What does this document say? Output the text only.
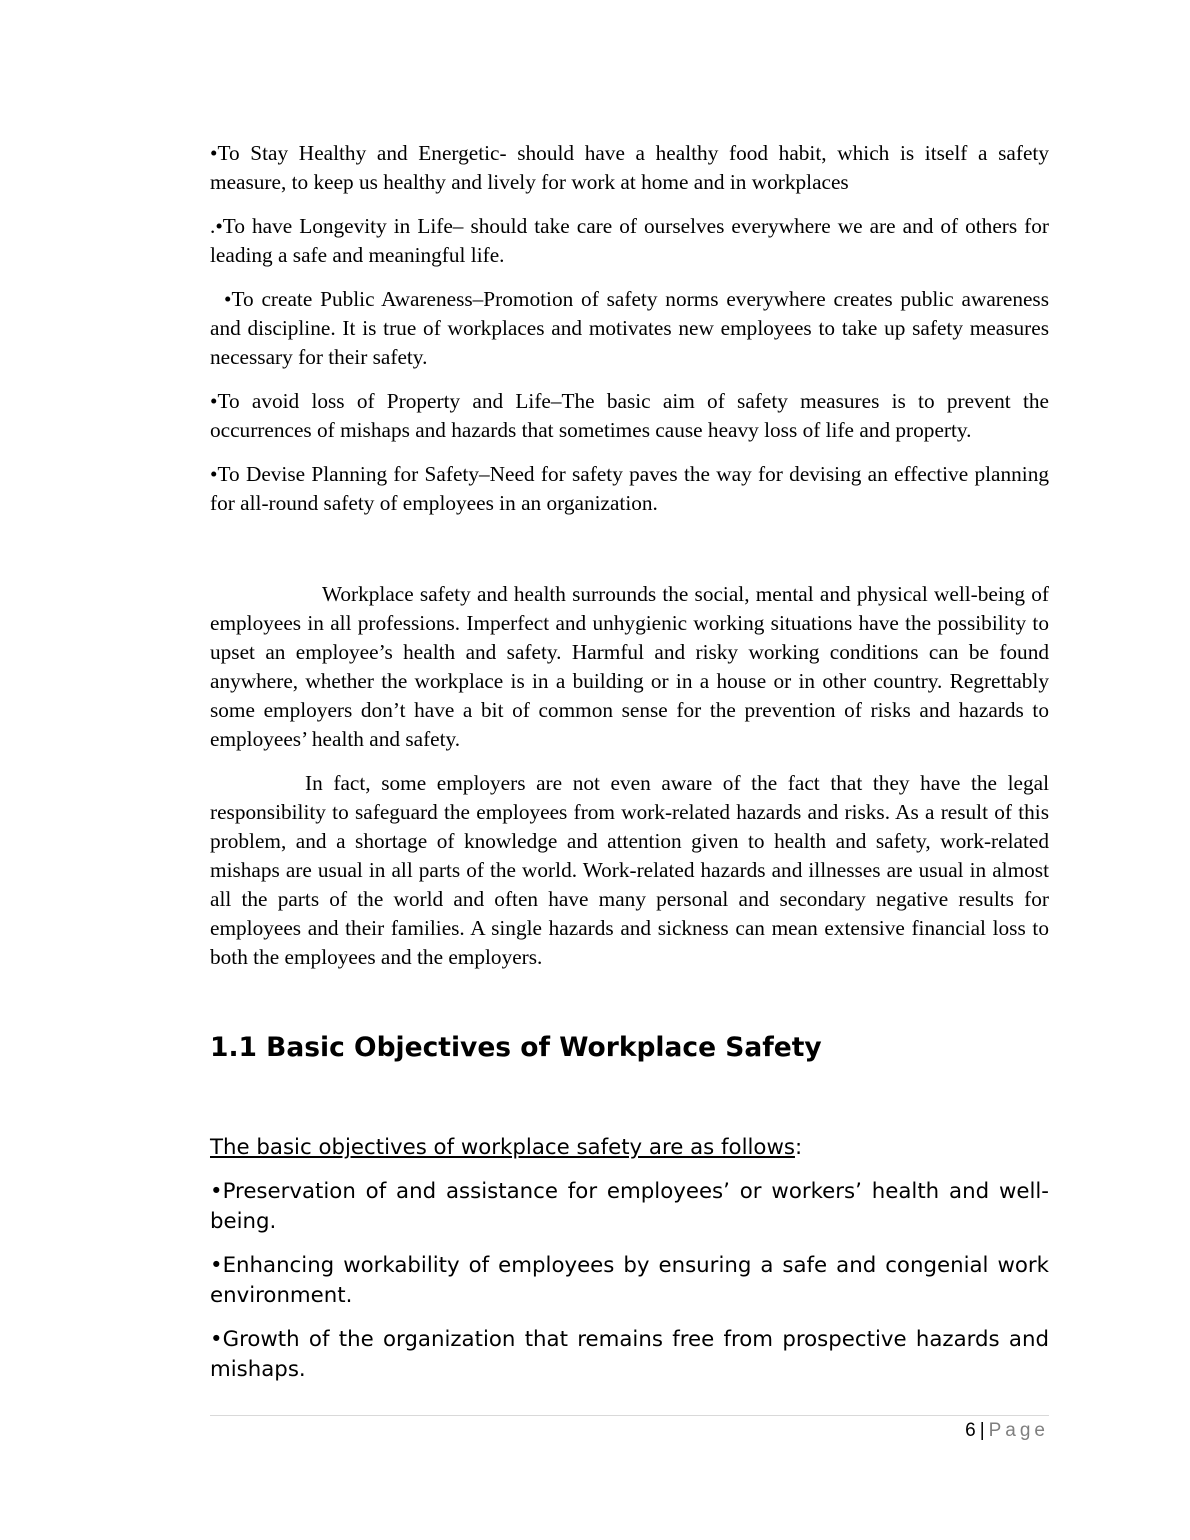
•To Stay Healthy and Energetic- should have a healthy food habit, which is itself a safety measure, to keep us healthy and lively for work at home and in workplaces

.•To have Longevity in Life– should take care of ourselves everywhere we are and of others for leading a safe and meaningful life.

•To create Public Awareness–Promotion of safety norms everywhere creates public awareness and discipline. It is true of workplaces and motivates new employees to take up safety measures necessary for their safety.

•To avoid loss of Property and Life–The basic aim of safety measures is to prevent the occurrences of mishaps and hazards that sometimes cause heavy loss of life and property.

•To Devise Planning for Safety–Need for safety paves the way for devising an effective planning for all-round safety of employees in an organization.

Workplace safety and health surrounds the social, mental and physical well-being of employees in all professions. Imperfect and unhygienic working situations have the possibility to upset an employee’s health and safety. Harmful and risky working conditions can be found anywhere, whether the workplace is in a building or in a house or in other country. Regrettably some employers don’t have a bit of common sense for the prevention of risks and hazards to employees’ health and safety.

In fact, some employers are not even aware of the fact that they have the legal responsibility to safeguard the employees from work-related hazards and risks. As a result of this problem, and a shortage of knowledge and attention given to health and safety, work-related mishaps are usual in all parts of the world. Work-related hazards and illnesses are usual in almost all the parts of the world and often have many personal and secondary negative results for employees and their families. A single hazards and sickness can mean extensive financial loss to both the employees and the employers.

1.1 Basic Objectives of Workplace Safety

The basic objectives of workplace safety are as follows:

•Preservation of and assistance for employees’ or workers’ health and well-being.

•Enhancing workability of employees by ensuring a safe and congenial work environment.

•Growth of the organization that remains free from prospective hazards and mishaps.

6 | Page
